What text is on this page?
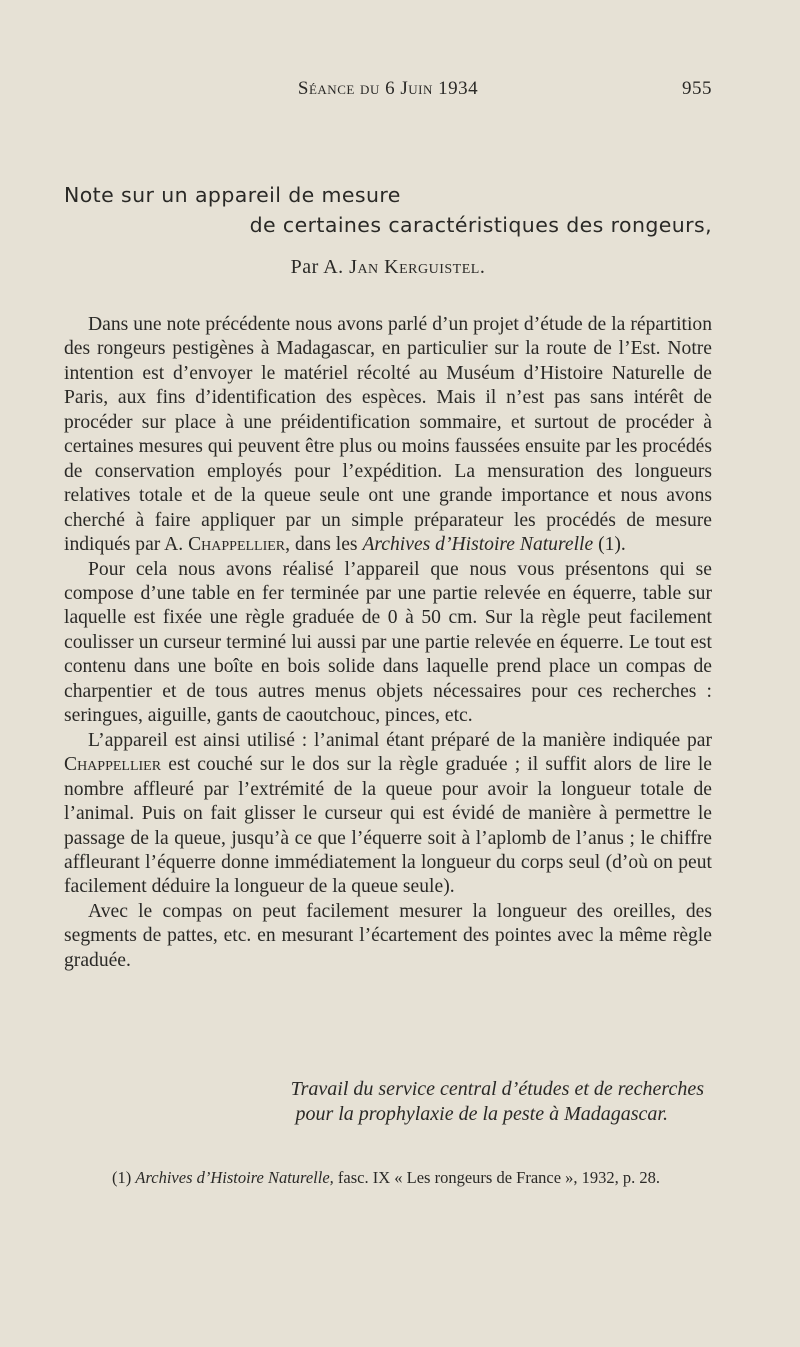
Séance du 6 Juin 1934	955
Note sur un appareil de mesure
de certaines caractéristiques des rongeurs,
Par A. Jan Kerguistel.

Dans une note précédente nous avons parlé d’un projet d’étude de la répartition des rongeurs pestigènes à Madagascar, en particulier sur la route de l’Est. Notre intention est d’envoyer le matériel récolté au Muséum d’Histoire Naturelle de Paris, aux fins d’identification des espèces. Mais il n’est pas sans intérêt de procéder sur place à une préidentification sommaire, et surtout de procéder à certaines mesures qui peuvent être plus ou moins faussées ensuite par les procédés de conservation employés pour l’expédition. La mensuration des longueurs relatives totale et de la queue seule ont une grande importance et nous avons cherché à faire appliquer par un simple préparateur les procédés de mesure indiqués par A. Chappellier, dans les Archives d’Histoire Naturelle (1).

Pour cela nous avons réalisé l’appareil que nous vous présentons qui se compose d’une table en fer terminée par une partie relevée en équerre, table sur laquelle est fixée une règle graduée de 0 à 50 cm. Sur la règle peut facilement coulisser un curseur terminé lui aussi par une partie relevée en équerre. Le tout est contenu dans une boîte en bois solide dans laquelle prend place un compas de charpentier et de tous autres menus objets nécessaires pour ces recherches : seringues, aiguille, gants de caoutchouc, pinces, etc.

L’appareil est ainsi utilisé : l’animal étant préparé de la manière indiquée par Chappellier est couché sur le dos sur la règle graduée ; il suffit alors de lire le nombre affleuré par l’extrémité de la queue pour avoir la longueur totale de l’animal. Puis on fait glisser le curseur qui est évidé de manière à permettre le passage de la queue, jusqu’à ce que l’équerre soit à l’aplomb de l’anus ; le chiffre affleurant l’équerre donne immédiatement la longueur du corps seul (d’où on peut facilement déduire la longueur de la queue seule).

Avec le compas on peut facilement mesurer la longueur des oreilles, des segments de pattes, etc. en mesurant l’écartement des pointes avec la même règle graduée.

Travail du service central d’études et de recherches
pour la prophylaxie de la peste à Madagascar.

(1) Archives d’Histoire Naturelle, fasc. IX « Les rongeurs de France », 1932, p. 28.
